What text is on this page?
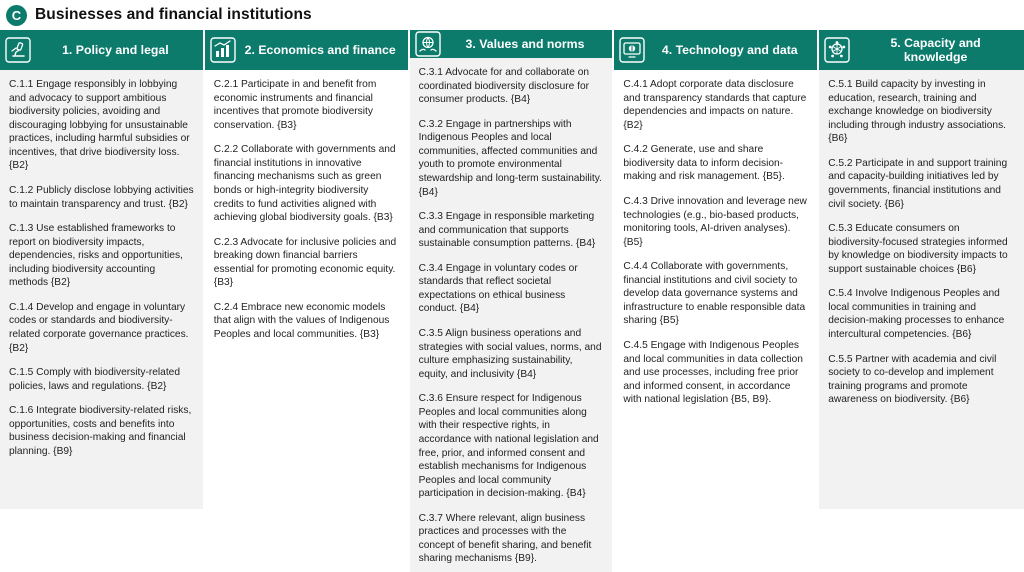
C Businesses and financial institutions
1. Policy and legal

C.1.1 Engage responsibly in lobbying and advocacy to support ambitious biodiversity policies, avoiding and discouraging lobbying for unsustainable practices, including harmful subsidies or incentives, that drive biodiversity loss. {B2}

C.1.2 Publicly disclose lobbying activities to maintain transparency and trust. {B2}

C.1.3 Use established frameworks to report on biodiversity impacts, dependencies, risks and opportunities, including biodiversity accounting methods {B2}

C.1.4 Develop and engage in voluntary codes or standards and biodiversity-related corporate governance practices. {B2}

C.1.5 Comply with biodiversity-related policies, laws and regulations. {B2}

C.1.6 Integrate biodiversity-related risks, opportunities, costs and benefits into business decision-making and financial planning. {B9}

2. Economics and finance

C.2.1 Participate in and benefit from economic instruments and financial incentives that promote biodiversity conservation. {B3}

C.2.2 Collaborate with governments and financial institutions in innovative financing mechanisms such as green bonds or high-integrity biodiversity credits to fund activities aligned with achieving global biodiversity goals. {B3}

C.2.3 Advocate for inclusive policies and breaking down financial barriers essential for promoting economic equity. {B3}

C.2.4 Embrace new economic models that align with the values of Indigenous Peoples and local communities. {B3}

3. Values and norms

C.3.1 Advocate for and collaborate on coordinated biodiversity disclosure for consumer products. {B4}

C.3.2 Engage in partnerships with Indigenous Peoples and local communities, affected communities and youth to promote environmental stewardship and long-term sustainability. {B4}

C.3.3 Engage in responsible marketing and communication that supports sustainable consumption patterns. {B4}

C.3.4 Engage in voluntary codes or standards that reflect societal expectations on ethical business conduct. {B4}

C.3.5 Align business operations and strategies with social values, norms, and culture emphasizing sustainability, equity, and inclusivity {B4}

C.3.6 Ensure respect for Indigenous Peoples and local communities along with their respective rights, in accordance with national legislation and free, prior, and informed consent and establish mechanisms for Indigenous Peoples and local community participation in decision-making. {B4}

C.3.7 Where relevant, align business practices and processes with the concept of benefit sharing, and benefit sharing mechanisms {B9}.

4. Technology and data

C.4.1 Adopt corporate data disclosure and transparency standards that capture dependencies and impacts on nature. {B2}

C.4.2 Generate, use and share biodiversity data to inform decision-making and risk management. {B5}.

C.4.3 Drive innovation and leverage new technologies (e.g., bio-based products, monitoring tools, AI-driven analyses). {B5}

C.4.4 Collaborate with governments, financial institutions and civil society to develop data governance systems and infrastructure to enable responsible data sharing {B5}

C.4.5 Engage with Indigenous Peoples and local communities in data collection and use processes, including free prior and informed consent, in accordance with national legislation {B5, B9}.

5. Capacity and knowledge

C.5.1 Build capacity by investing in education, research, training and exchange knowledge on biodiversity including through industry associations. {B6}

C.5.2 Participate in and support training and capacity-building initiatives led by governments, financial institutions and civil society. {B6}

C.5.3 Educate consumers on biodiversity-focused strategies informed by knowledge on biodiversity impacts to support sustainable choices {B6}

C.5.4 Involve Indigenous Peoples and local communities in training and decision-making processes to enhance intercultural competencies. {B6}

C.5.5 Partner with academia and civil society to co-develop and implement training programs and promote awareness on biodiversity. {B6}
